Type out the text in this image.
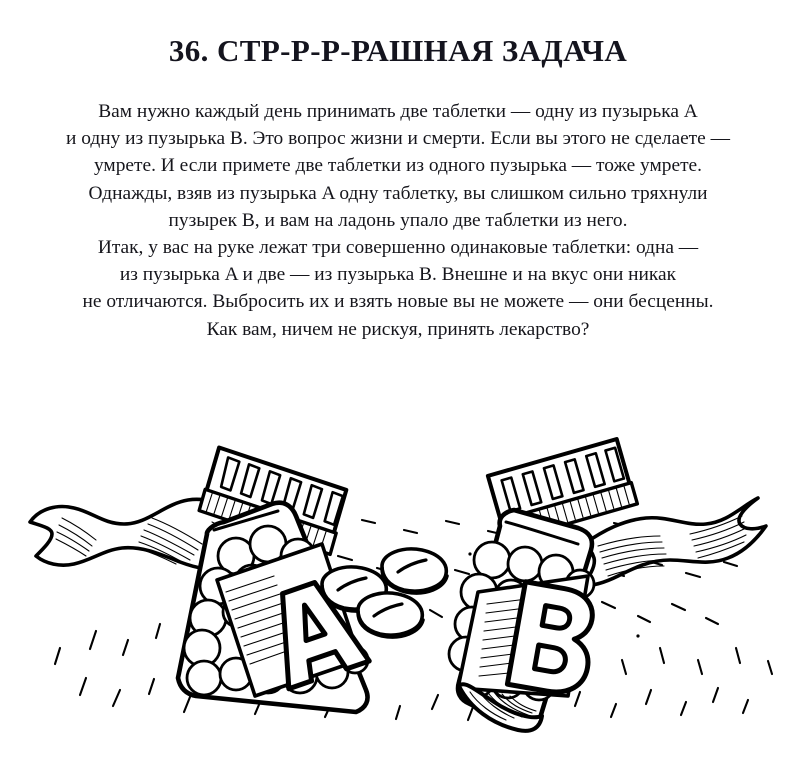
36. СТР-Р-Р-РАШНАЯ ЗАДАЧА
Вам нужно каждый день принимать две таблетки — одну из пузырька A
и одну из пузырька B. Это вопрос жизни и смерти. Если вы этого не сделаете —
умрете. И если примете две таблетки из одного пузырька — тоже умрете.
Однажды, взяв из пузырька A одну таблетку, вы слишком сильно тряхнули
пузырек B, и вам на ладонь упало две таблетки из него.
Итак, у вас на руке лежат три совершенно одинаковые таблетки: одна —
из пузырька A и две — из пузырька B. Внешне и на вкус они никак
не отличаются. Выбросить их и взять новые вы не можете — они бесценны.
Как вам, ничем не рискуя, принять лекарство?
